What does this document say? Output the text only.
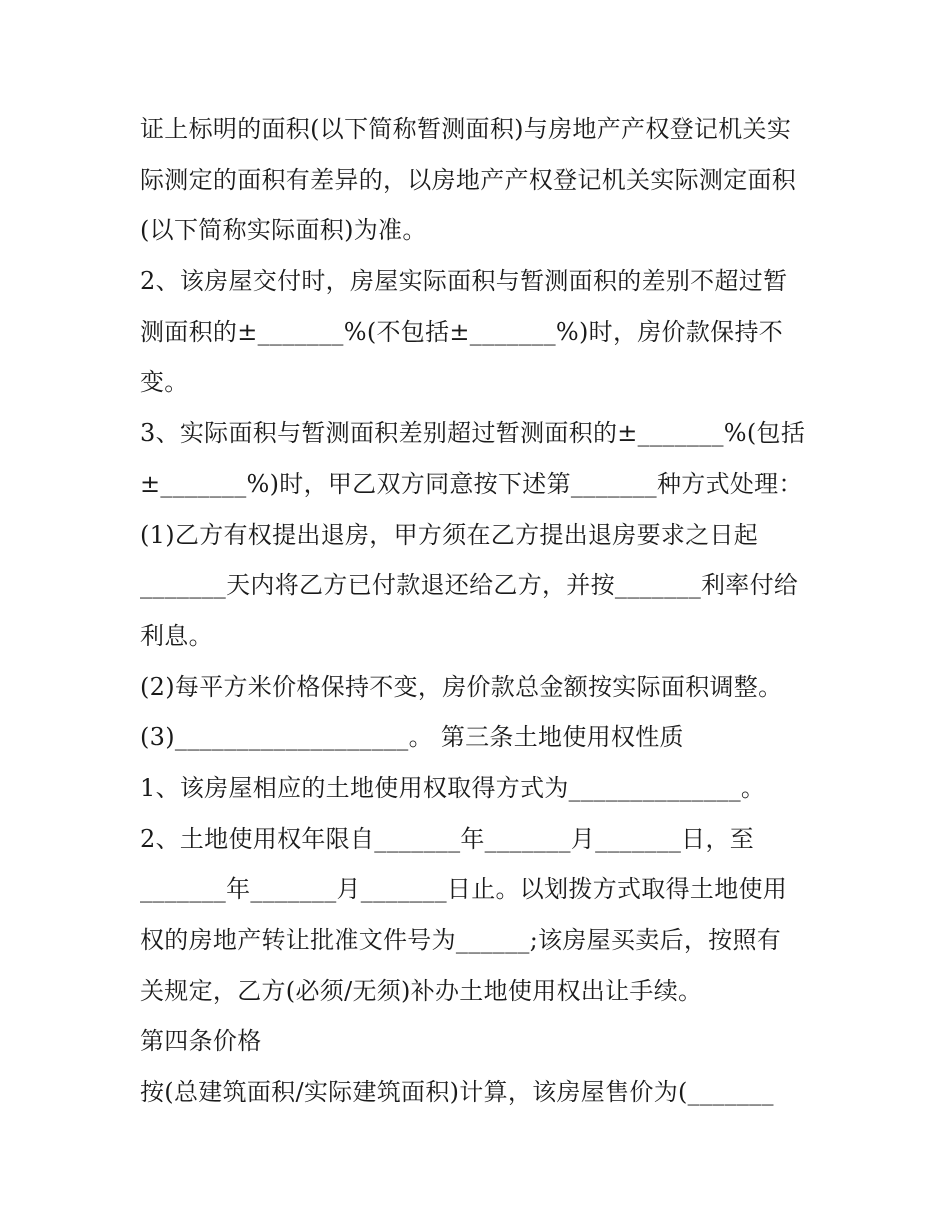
证上标明的面积(以下简称暂测面积)与房地产产权登记机关实
际测定的面积有差异的，以房地产产权登记机关实际测定面积
(以下简称实际面积)为准。
2、该房屋交付时，房屋实际面积与暂测面积的差别不超过暂
测面积的±_______%(不包括±_______%)时，房价款保持不
变。
3、实际面积与暂测面积差别超过暂测面积的±_______%(包括
±_______%)时，甲乙双方同意按下述第_______种方式处理：
(1)乙方有权提出退房，甲方须在乙方提出退房要求之日起
_______天内将乙方已付款退还给乙方，并按_______利率付给
利息。
(2)每平方米价格保持不变，房价款总金额按实际面积调整。
(3)___________________。 第三条土地使用权性质
1、该房屋相应的土地使用权取得方式为______________。
2、土地使用权年限自_______年_______月_______日，至
_______年_______月_______日止。以划拨方式取得土地使用
权的房地产转让批准文件号为______;该房屋买卖后，按照有
关规定，乙方(必须/无须)补办土地使用权出让手续。
第四条价格
按(总建筑面积/实际建筑面积)计算，该房屋售价为(_______
